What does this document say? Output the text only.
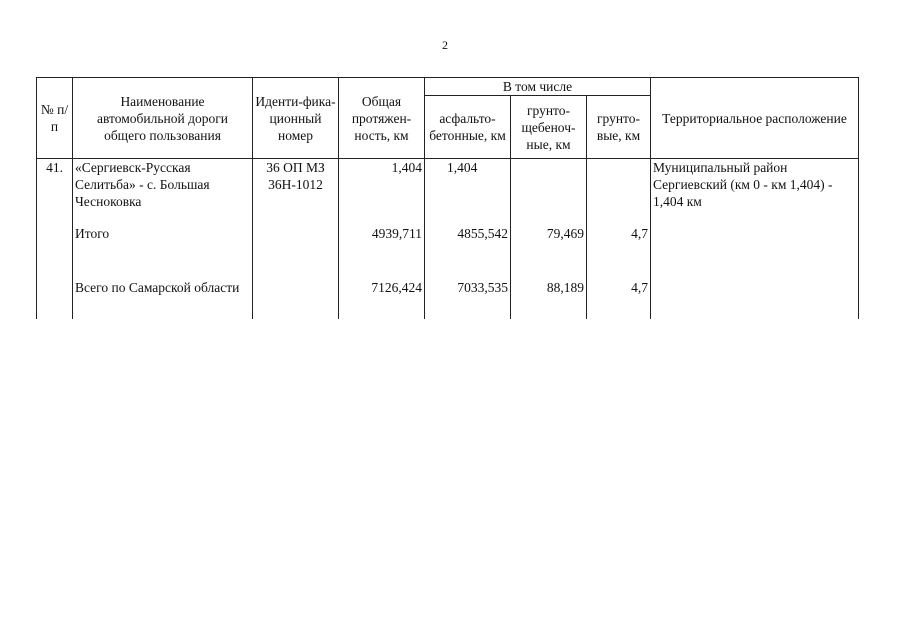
2
№ п/п	Наименование автомобильной дороги общего пользования	Иденти-фика-ционный номер	Общая протяжен-ность, км	В том числе			Территориальное расположение
				асфальто-бетонные, км	грунто-щебеноч-ные, км	грунто-вые, км	
41.	«Сергиевск-Русская Селитьба» - с. Большая Чесноковка	36 ОП МЗ 36Н-1012	1,404	1,404			Муниципальный район Сергиевский (км 0 - км 1,404) - 1,404 км
	Итого		4939,711	4855,542	79,469	4,7	
	Всего по Самарской области		7126,424	7033,535	88,189	4,7	
